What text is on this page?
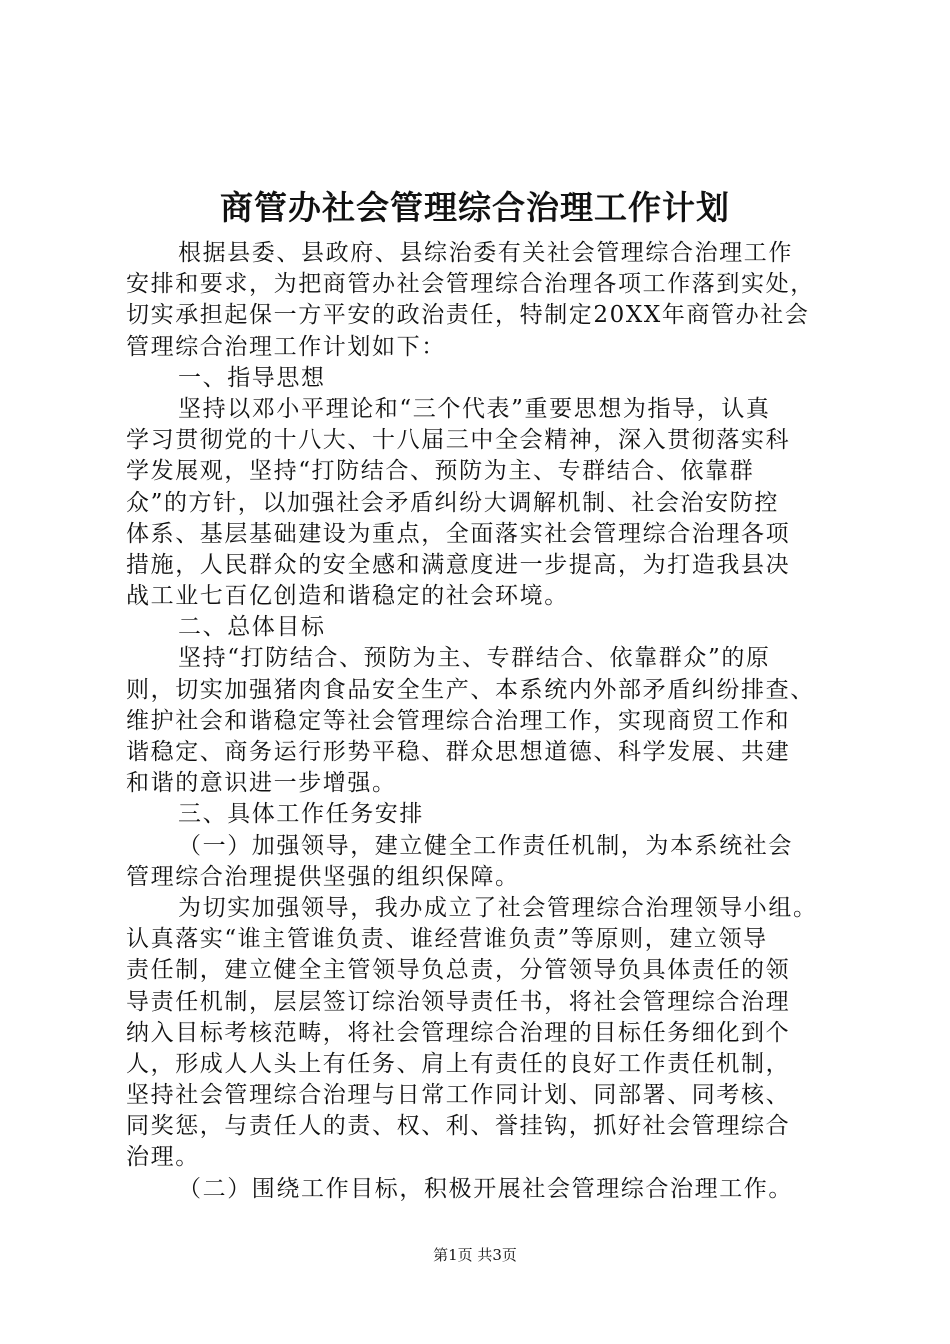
商管办社会管理综合治理工作计划
根据县委、县政府、县综治委有关社会管理综合治理工作
安排和要求，为把商管办社会管理综合治理各项工作落到实处，
切实承担起保一方平安的政治责任，特制定20XX年商管办社会
管理综合治理工作计划如下：
一、指导思想
坚持以邓小平理论和“三个代表”重要思想为指导，认真
学习贯彻党的十八大、十八届三中全会精神，深入贯彻落实科
学发展观，坚持“打防结合、预防为主、专群结合、依靠群
众”的方针，以加强社会矛盾纠纷大调解机制、社会治安防控
体系、基层基础建设为重点，全面落实社会管理综合治理各项
措施，人民群众的安全感和满意度进一步提高，为打造我县决
战工业七百亿创造和谐稳定的社会环境。
二、总体目标
坚持“打防结合、预防为主、专群结合、依靠群众”的原
则，切实加强猪肉食品安全生产、本系统内外部矛盾纠纷排查、
维护社会和谐稳定等社会管理综合治理工作，实现商贸工作和
谐稳定、商务运行形势平稳、群众思想道德、科学发展、共建
和谐的意识进一步增强。
三、具体工作任务安排
（一）加强领导，建立健全工作责任机制，为本系统社会
管理综合治理提供坚强的组织保障。
为切实加强领导，我办成立了社会管理综合治理领导小组。
认真落实“谁主管谁负责、谁经营谁负责”等原则，建立领导
责任制，建立健全主管领导负总责，分管领导负具体责任的领
导责任机制，层层签订综治领导责任书，将社会管理综合治理
纳入目标考核范畴，将社会管理综合治理的目标任务细化到个
人，形成人人头上有任务、肩上有责任的良好工作责任机制，
坚持社会管理综合治理与日常工作同计划、同部署、同考核、
同奖惩，与责任人的责、权、利、誉挂钩，抓好社会管理综合
治理。
（二）围绕工作目标，积极开展社会管理综合治理工作。
第1页 共3页
